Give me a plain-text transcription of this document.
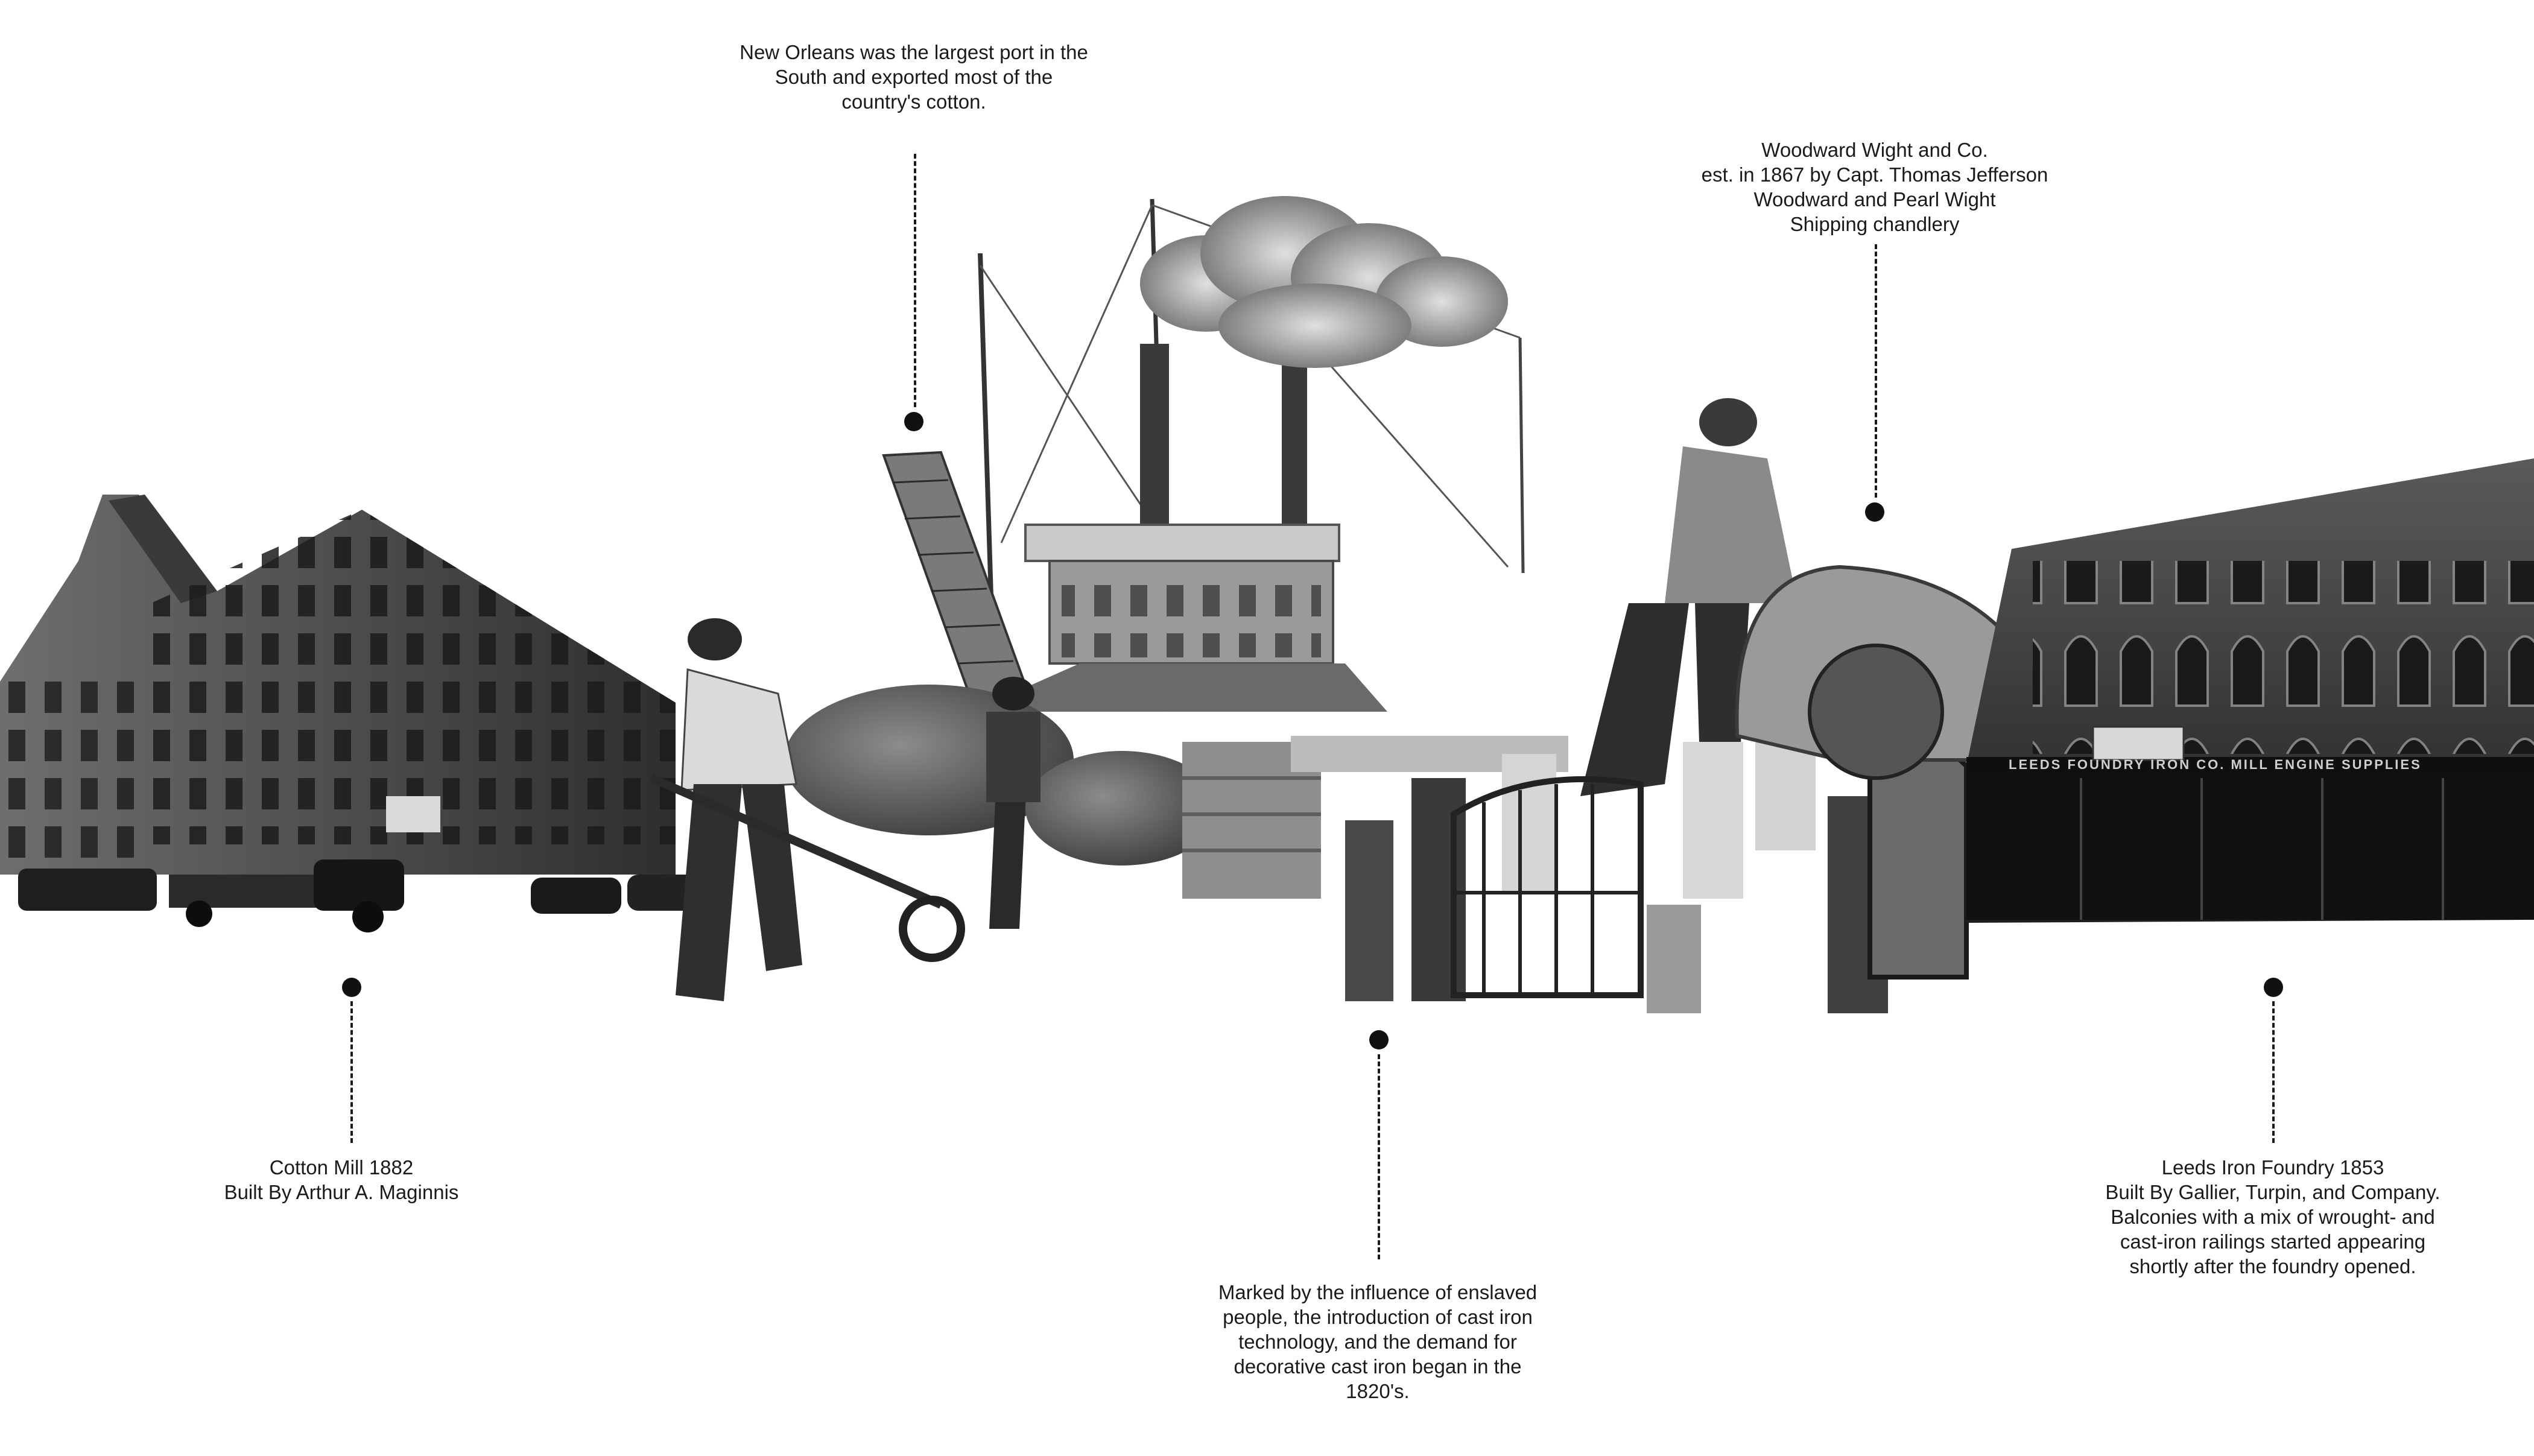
LEEDS FOUNDRY IRON CO. MILL ENGINE SUPPLIES
New Orleans was the largest port in the
South and exported most of the
country's cotton.
Woodward Wight and Co.
est. in 1867 by Capt. Thomas Jefferson
Woodward and Pearl Wight
Shipping chandlery
Cotton Mill 1882
Built By Arthur A. Maginnis
Marked by the influence of enslaved
people, the introduction of cast iron
technology, and the demand for
decorative cast iron began in the
1820's.
Leeds Iron Foundry 1853
Built By Gallier, Turpin, and Company.
Balconies with a mix of wrought- and
cast-iron railings started appearing
shortly after the foundry opened.
